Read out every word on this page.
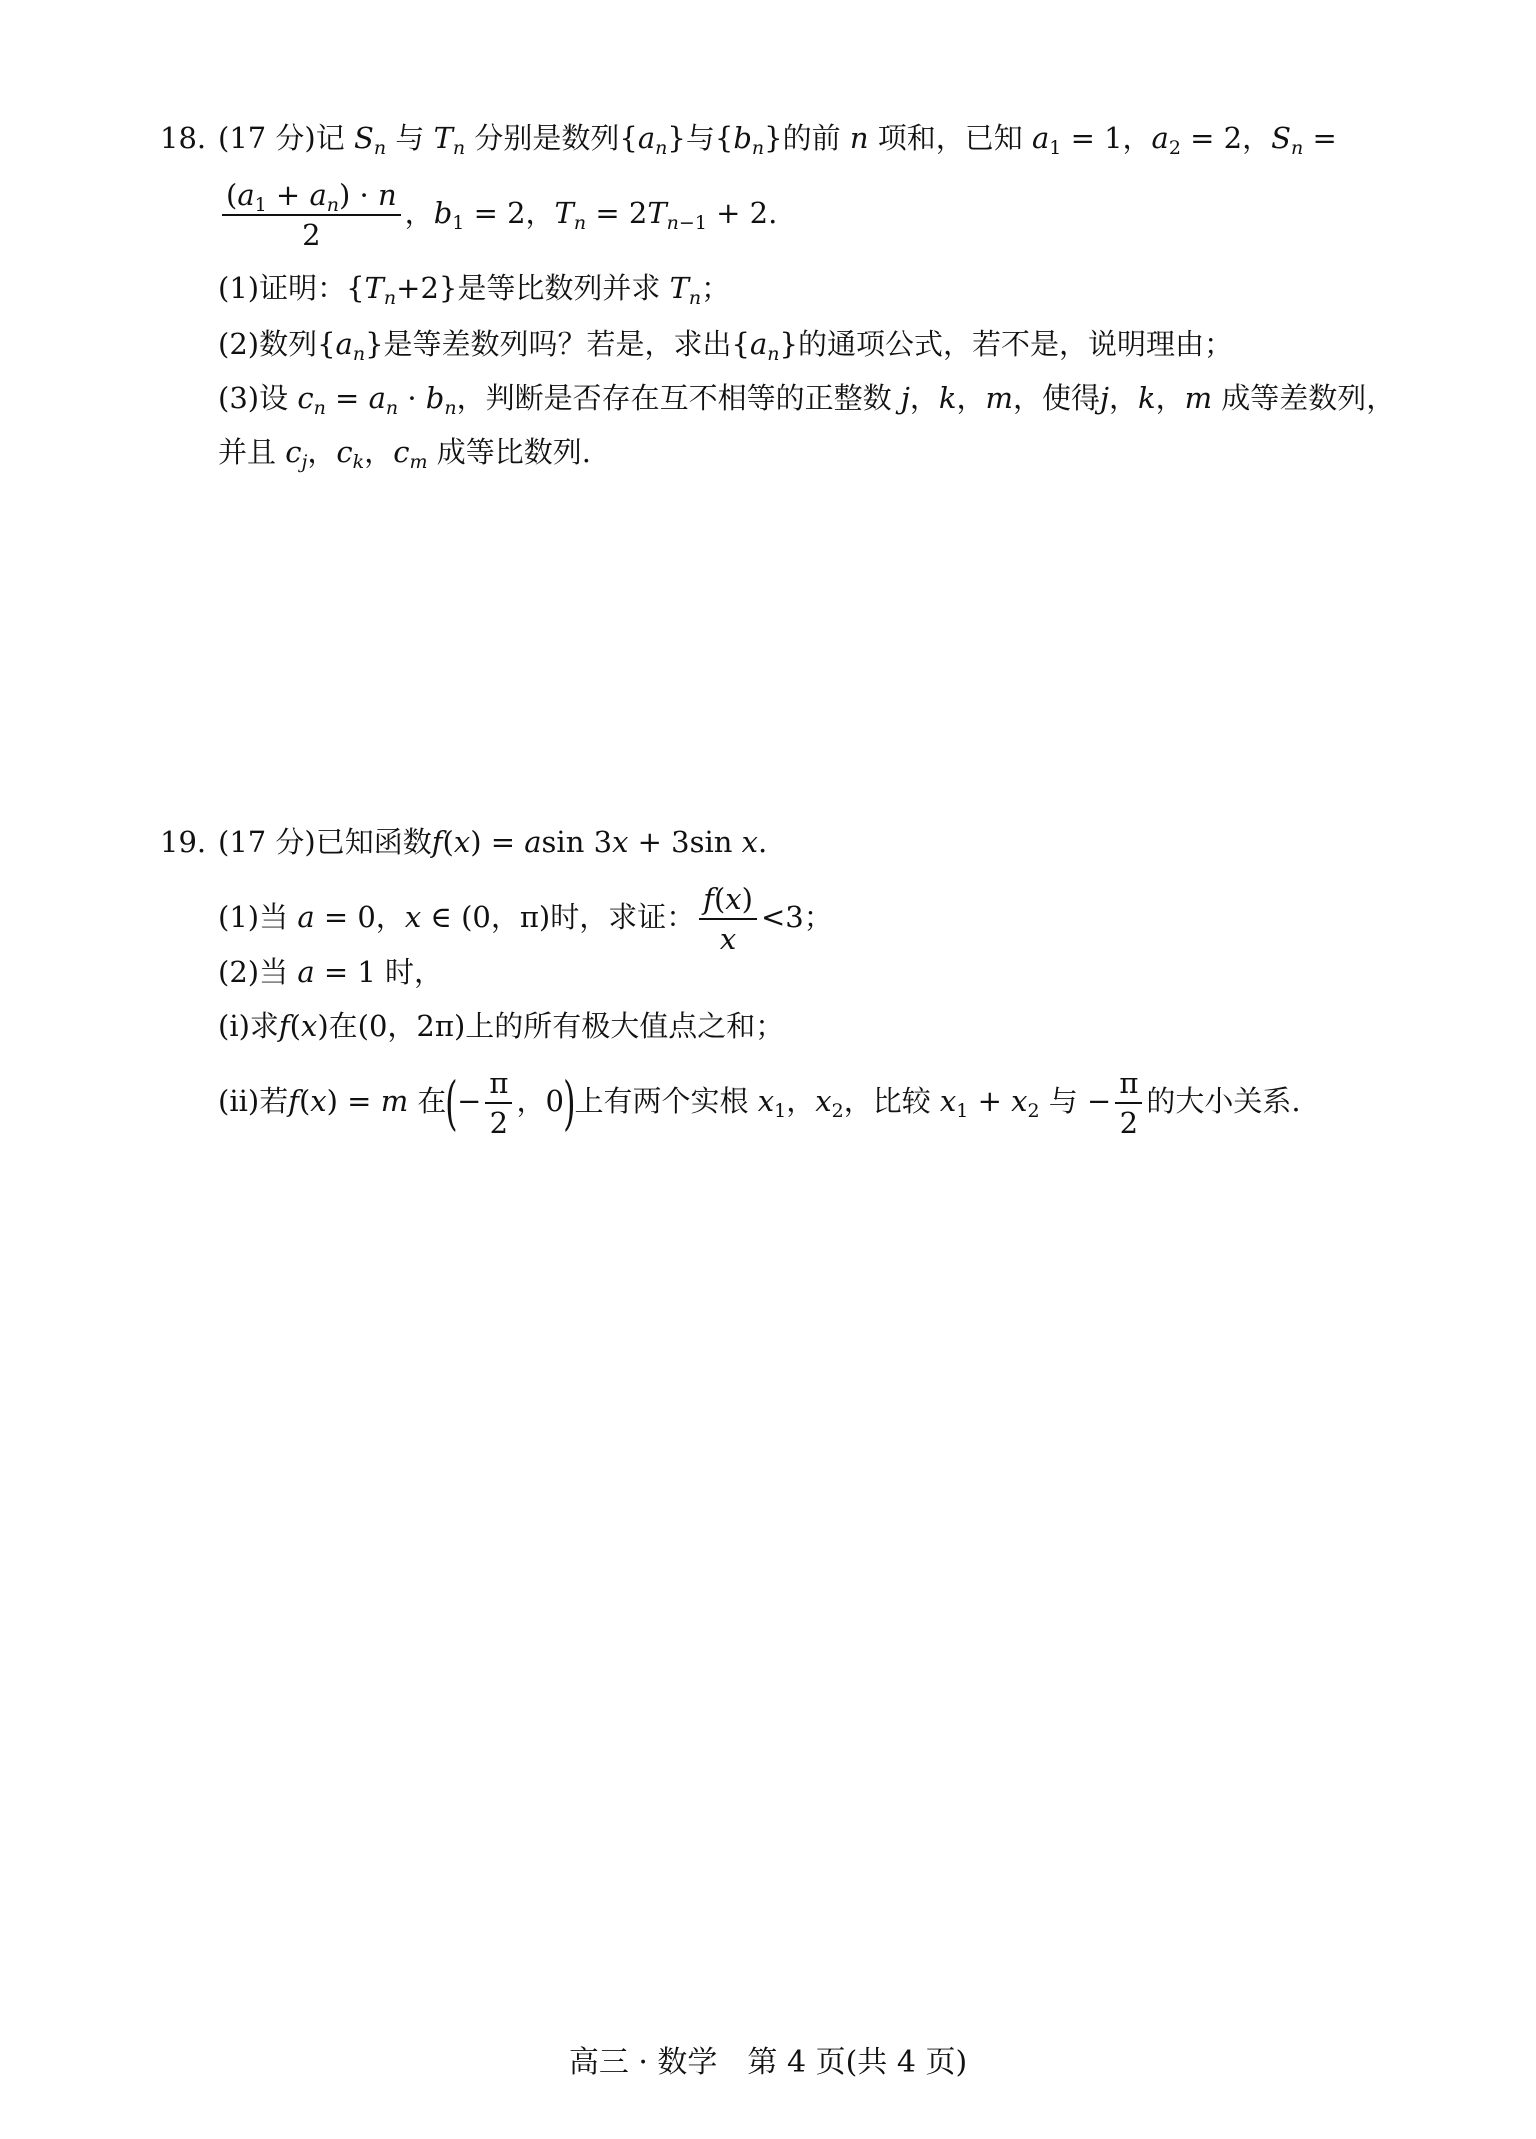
18. (17 分)记 $S_n$ 与 $T_n$ 分别是数列$\{a_n\}$与$\{b_n\}$的前 n 项和，已知 $a_1 = 1$，$a_2 = 2$，$S_n$ =
$\frac{(a_1 + a_n) \cdot n}{2}$ ，$b_1 = 2$，$T_n = 2T_{n-1} + 2$.
(1)证明：$\{T_n+2\}$是等比数列并求 $T_n$；
(2)数列$\{a_n\}$是等差数列吗？若是，求出$\{a_n\}$的通项公式，若不是，说明理由；
(3)设 $c_n = a_n \cdot b_n$，判断是否存在互不相等的正整数 j，k，m，使得j，k，m 成等差数列，
并且 $c_j$，$c_k$，$c_m$ 成等比数列.
19. (17 分)已知函数f(x) = asin 3x + 3sin x.
(1)当 a = 0，x ∈ (0，π)时，求证： $\frac{f(x)}{x} <3$；
(2)当 a = 1 时，
(i)求f(x)在(0，2π)上的所有极大值点之和；
(ii)若f(x) = m 在(− $\frac{\pi}{2}$ ，0)上有两个实根 $x_1$，$x_2$，比较 $x_1 + x_2$ 与 − $\frac{\pi}{2}$ 的大小关系.
高三 · 数学　第 4 页(共 4 页)
